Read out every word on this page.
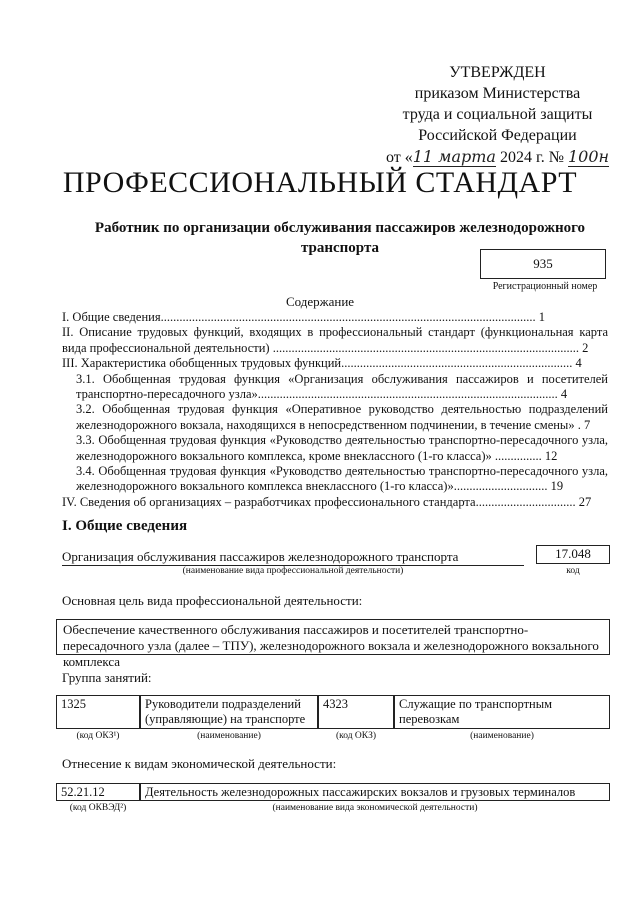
УТВЕРЖДЕН
приказом Министерства
труда и социальной защиты
Российской Федерации
от «11 марта 2024 г. № 100н
ПРОФЕССИОНАЛЬНЫЙ СТАНДАРТ
Работник по организации обслуживания пассажиров железнодорожного транспорта
935
Регистрационный номер
Содержание

I. Общие сведения........................................................................................................................ 1

II. Описание трудовых функций, входящих в профессиональный стандарт (функциональная карта вида профессиональной деятельности) .................................................................................................. 2

III. Характеристика обобщенных трудовых функций.......................................................................... 4

3.1. Обобщенная трудовая функция «Организация обслуживания пассажиров и посетителей транспортно-пересадочного узла»................................................................................................ 4

3.2. Обобщенная трудовая функция «Оперативное руководство деятельностью подразделений железнодорожного вокзала, находящихся в непосредственном подчинении, в течение смены» . 7

3.3. Обобщенная трудовая функция «Руководство деятельностью транспортно-пересадочного узла, железнодорожного вокзального комплекса, кроме внеклассного (1-го класса)» ............... 12

3.4. Обобщенная трудовая функция «Руководство деятельностью транспортно-пересадочного узла, железнодорожного вокзального комплекса внеклассного (1-го класса)».............................. 19

IV. Сведения об организациях – разработчиках профессионального стандарта................................ 27

I. Общие сведения
Организация обслуживания пассажиров железнодорожного транспорта
(наименование вида профессиональной деятельности)
17.048
код
Основная цель вида профессиональной деятельности:
Обеспечение качественного обслуживания пассажиров и посетителей транспортно-пересадочного узла (далее – ТПУ), железнодорожного вокзала и железнодорожного вокзального комплекса
Группа занятий:
1325	Руководители подразделений (управляющие) на транспорте
4323	Служащие по транспортным перевозкам
(код ОКЗ¹)	(наименование)	(код ОКЗ)	(наименование)
Отнесение к видам экономической деятельности:
52.21.12	Деятельность железнодорожных пассажирских вокзалов и грузовых терминалов
(код ОКВЭД²)	(наименование вида экономической деятельности)
